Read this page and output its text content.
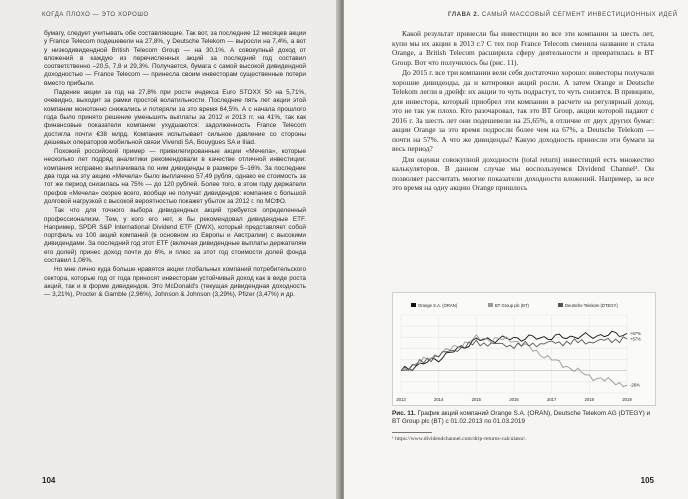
КОГДА ПЛОХО — ЭТО ХОРОШО

бумагу, следует учитывать обе составляющие. Так вот, за последние 12 месяцев акции у France Telecom подешевели на 27,8%, у Deutsche Telekom — выросли на 7,4%, а вот у низкодивидендной British Telecom Group — на 30,1%. А совокупный доход от вложений в каждую из перечисленных акций за последний год составил соответственно –20,5, 7,8 и 29,3%. Получается, бумага с самой высокой дивидендной доходностью — France Telecom — принесла своим инвесторам существенные потери вместо прибыли.

Падение акции за год на 27,8% при росте индекса Euro STOXX 50 на 5,71%, очевидно, выходит за рамки простой волатильности. Последние пять лет акции этой компании монотонно снижались и потеряли за это время 64,5%. А с начала прошлого года было принято решение уменьшить выплаты за 2012 и 2013 гг. на 41%, так как финансовые показатели компании ухудшаются: задолженность France Telecom достигла почти €38 млрд. Компания испытывает сильное давление со стороны дешевых операторов мобильной связи Vivendi SA, Bouygues SA и Iliad.

Похожий российский пример — привилегированные акции «Мечела», которые несколько лет подряд аналитики рекомендовали в качестве отличной инвестиции: компания исправно выплачивала по ним дивиденды в размере 5–16%. За последние два года на эту акцию «Мечела» было выплачено 57,49 рубля, однако ее стоимость за тот же период снизилась на 75% — до 120 рублей. Более того, в этом году держатели префов «Мечела» скорее всего, вообще не получат дивидендов: компания с большой долговой нагрузкой с высокой вероятностью покажет убыток за 2012 г. по МСФО.

Так что для точного выбора дивидендных акций требуется определенный профессионализм. Тем, у кого его нет, я бы рекомендовал дивидендные ETF. Например, SPDR S&P International Dividend ETF (DWX), который представляет собой портфель из 100 акций компаний (в основном из Европы и Австралии) с высокими дивидендами. За последний год этот ETF (включая дивидендные выплаты держателям его долей) принес доход почти до 6%, и плюс за этот год стоимости долей фонда составил 1,06%.

Но мне лично куда больше нравятся акции глобальных компаний потребительского сектора, которые год от года приносят инвесторам устойчивый доход как в виде роста акций, так и в форме дивидендов. Это McDonald's (текущая дивидендная доходность — 3,21%), Procter & Gamble (2,96%), Johnson & Johnson (3,29%), Pfizer (3,47%) и др.

104
ГЛАВА 2. САМЫЙ МАССОВЫЙ СЕГМЕНТ ИНВЕСТИЦИОННЫХ ИДЕЙ

Какой результат принесли бы инвестиции во все эти компании за шесть лет, купи мы их акции в 2013 г.? С тех пор France Telecom сменила название и стала Orange, а British Telecom расширила сферу деятельности и превратилась в BT Group. Вот что получилось бы (рис. 11).

До 2015 г. все три компании вели себя достаточно хорошо: инвесторы получали хорошие дивиденды, да и котировки акций росли. А затем Orange и Deutsche Telekom легли в дрейф: их акции то чуть подрастут, то чуть снизятся. В принципе, для инвестора, который приобрел эти компании в расчете на регулярный доход, это не так уж плохо. Кто разочаровал, так это BT Group, акции которой падают с 2016 г. За шесть лет они подешевели на 25,65%, в отличие от двух других бумаг: акции Orange за это время подросли более чем на 67%, а Deutsche Telekom — почти на 57%. А что же дивиденды? Какую доходность принесли эти бумаги за весь период?

Для оценки совокупной доходности (total return) инвестиций есть множество калькуляторов. В данном случае мы воспользуемся Dividend Channel¹. Он позволяет рассчитать многие показатели доходности вложений. Например, за все это время на одну акцию Orange пришлось

+67%
-26%
+57%
Orange S.A. (ORAN)	BT Group plc (BT)	Deutsche Telekom (DTEGY)
2013	2014	2015	2016	2017	2018	2019
Рис. 11. График акций компаний Orange S.A. (ORAN), Deutsche Telekom AG (DTEGY) и BT Group plc (BT) с 01.02.2013 по 01.03.2019
¹ https://www.dividendchannel.com/drip-returns-calculator/.
105
